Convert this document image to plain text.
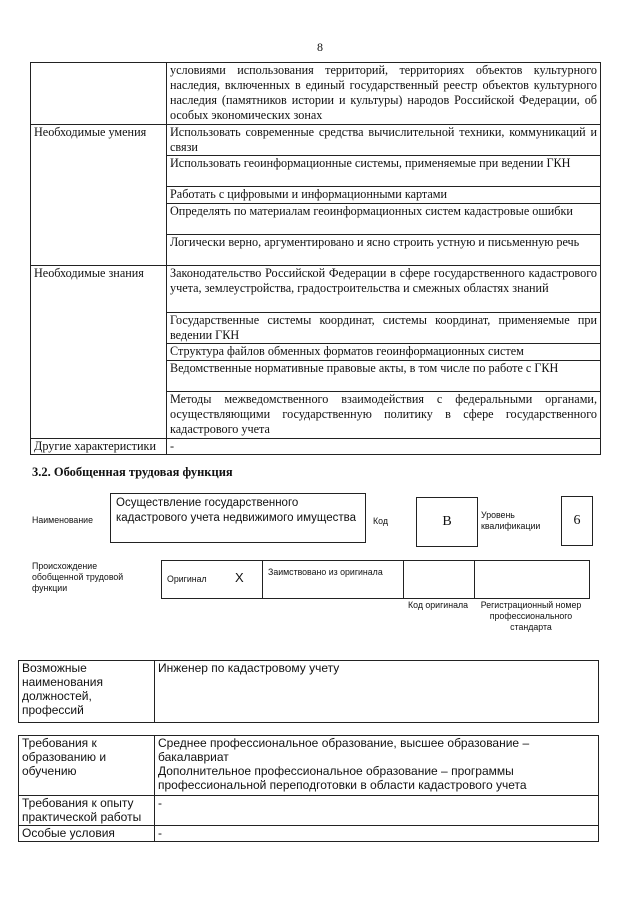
8
	условиями использования территорий, территориях объектов культурного наследия, включенных в единый государственный реестр объектов культурного наследия (памятников истории и культуры) народов Российской Федерации, об особых экономических зонах
Необходимые умения	Использовать современные средства вычислительной техники, коммуникаций и связи
	Использовать геоинформационные системы, применяемые при ведении ГКН
	Работать с цифровыми и информационными картами
	Определять по материалам геоинформационных систем кадастровые ошибки
	Логически верно, аргументировано и ясно строить устную и письменную речь
Необходимые знания	Законодательство Российской Федерации в сфере государственного кадастрового учета, землеустройства, градостроительства и смежных областях знаний
	Государственные системы координат, системы координат, применяемые при ведении ГКН
	Структура файлов обменных форматов геоинформационных систем
	Ведомственные нормативные правовые акты, в том числе по работе с ГКН
	Методы межведомственного взаимодействия с федеральными органами, осуществляющими государственную политику в сфере государственного кадастрового учета
Другие характеристики	-
3.2. Обобщенная трудовая функция
Наименование
Осуществление государственного кадастрового учета недвижимого имущества	Код	B	Уровень квалификации	6
Происхождение обобщенной трудовой функции
Оригинал X	Заимствовано из оригинала
Код оригинала	Регистрационный номер профессионального стандарта
Возможные наименования должностей, профессий	Инженер по кадастровому учету
Требования к образованию и обучению	Среднее профессиональное образование, высшее образование – бакалавриат
Дополнительное профессиональное образование – программы профессиональной переподготовки в области кадастрового учета

Требования к опыту практической работы	-
Особые условия	-
